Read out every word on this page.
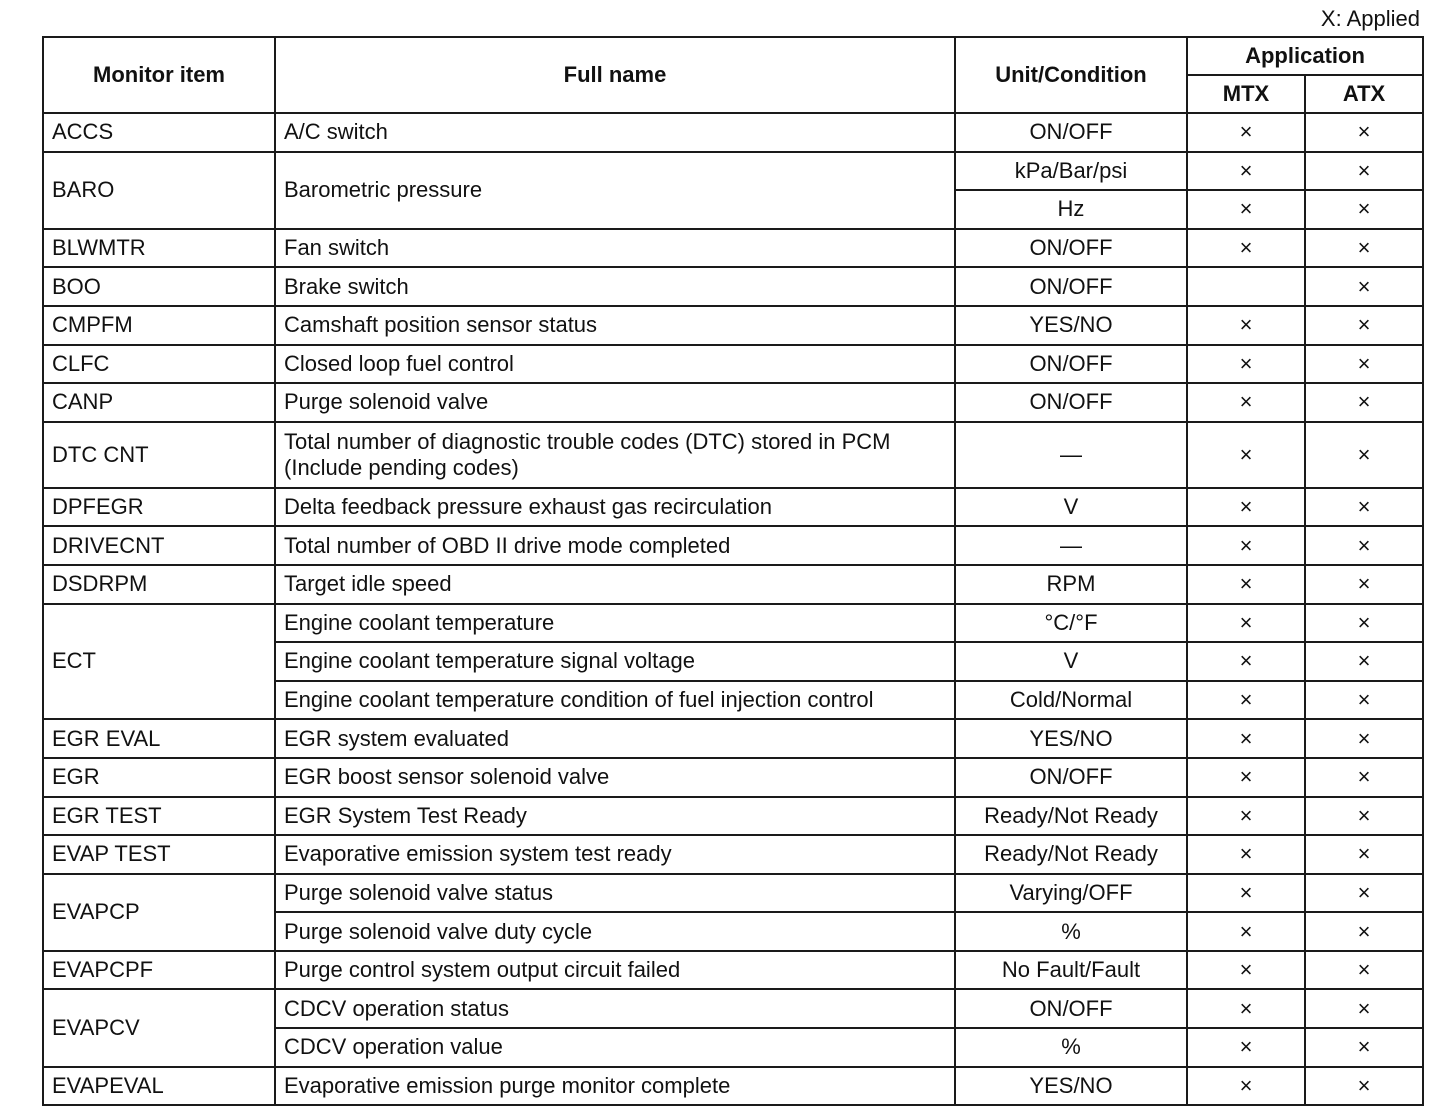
X: Applied
Monitor item	Full name	Unit/Condition	Application	
			MTX	ATX
ACCS	A/C switch	ON/OFF	×	×
BARO	Barometric pressure	kPa/Bar/psi	×	×
		Hz	×	×
BLWMTR	Fan switch	ON/OFF	×	×
BOO	Brake switch	ON/OFF		×
CMPFM	Camshaft position sensor status	YES/NO	×	×
CLFC	Closed loop fuel control	ON/OFF	×	×
CANP	Purge solenoid valve	ON/OFF	×	×
DTC CNT	Total number of diagnostic trouble codes (DTC) stored in PCM (Include pending codes)	—	×	×
DPFEGR	Delta feedback pressure exhaust gas recirculation	V	×	×
DRIVECNT	Total number of OBD II drive mode completed	—	×	×
DSDRPM	Target idle speed	RPM	×	×
ECT	Engine coolant temperature	°C/°F	×	×
	Engine coolant temperature signal voltage	V	×	×
	Engine coolant temperature condition of fuel injection control	Cold/Normal	×	×
EGR EVAL	EGR system evaluated	YES/NO	×	×
EGR	EGR boost sensor solenoid valve	ON/OFF	×	×
EGR TEST	EGR System Test Ready	Ready/Not Ready	×	×
EVAP TEST	Evaporative emission system test ready	Ready/Not Ready	×	×
EVAPCP	Purge solenoid valve status	Varying/OFF	×	×
	Purge solenoid valve duty cycle	%	×	×
EVAPCPF	Purge control system output circuit failed	No Fault/Fault	×	×
EVAPCV	CDCV operation status	ON/OFF	×	×
	CDCV operation value	%	×	×
EVAPEVAL	Evaporative emission purge monitor complete	YES/NO	×	×
